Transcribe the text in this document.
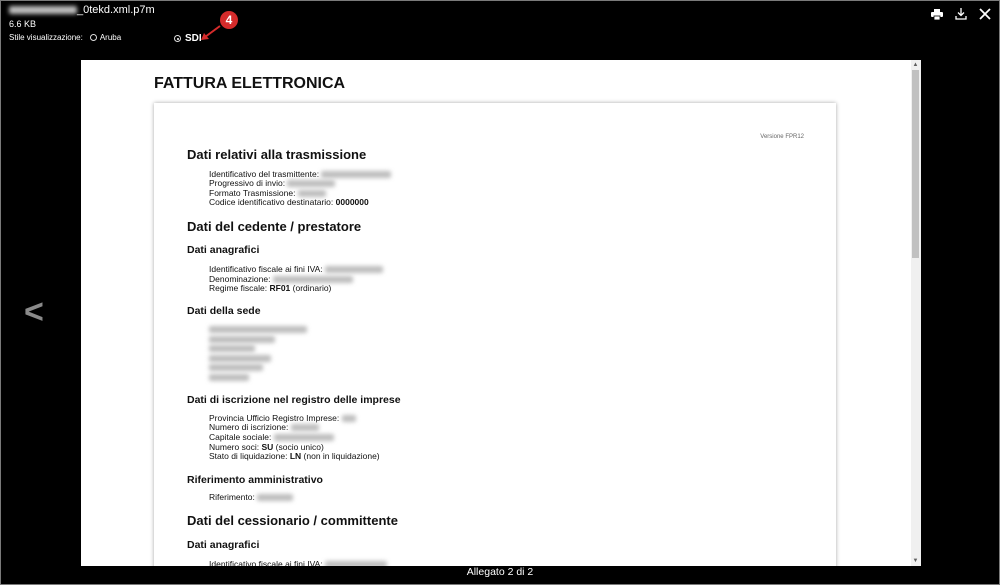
_0tekd.xml.p7m
6.6 KB
Stile visualizzazione: Aruba	SDI
4
<
FATTURA ELETTRONICA
Versione FPR12
Dati relativi alla trasmissione
Identificativo del trasmittente:
Progressivo di invio:
Formato Trasmissione:
Codice identificativo destinatario: 0000000
Dati del cedente / prestatore
Dati anagrafici
Identificativo fiscale ai fini IVA:
Denominazione:
Regime fiscale: RF01 (ordinario)
Dati della sede
Dati di iscrizione nel registro delle imprese
Provincia Ufficio Registro Imprese:
Numero di iscrizione:
Capitale sociale:
Numero soci: SU (socio unico)
Stato di liquidazione: LN (non in liquidazione)
Riferimento amministrativo
Riferimento:
Dati del cessionario / committente
Dati anagrafici
Identificativo fiscale ai fini IVA:
▲
▼
Allegato 2 di 2
